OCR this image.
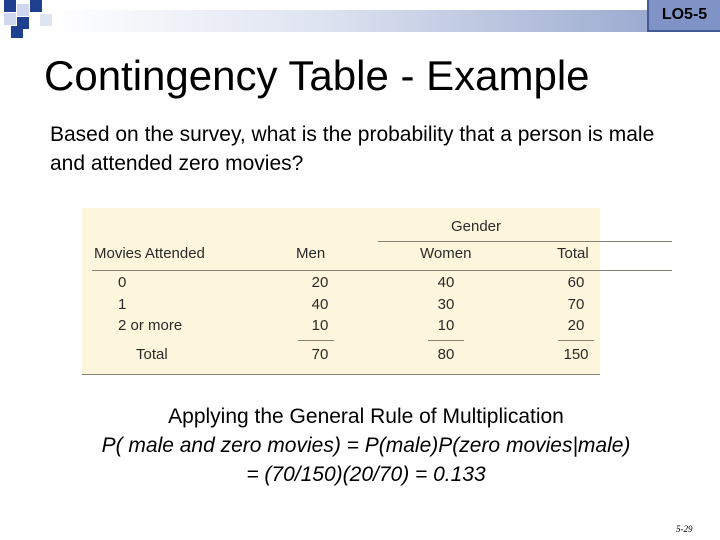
LO5-5
Contingency Table - Example
Based on the survey, what is the probability that a person is male and attended zero movies?
Gender
Movies Attended	Men	Women	Total
0	20	40	60
1	40	30	70
2 or more	10	10	20
Total	70	80	150
Applying the General Rule of Multiplication
P( male and zero movies) = P(male)P(zero movies|male)
= (70/150)(20/70) = 0.133
5-29
